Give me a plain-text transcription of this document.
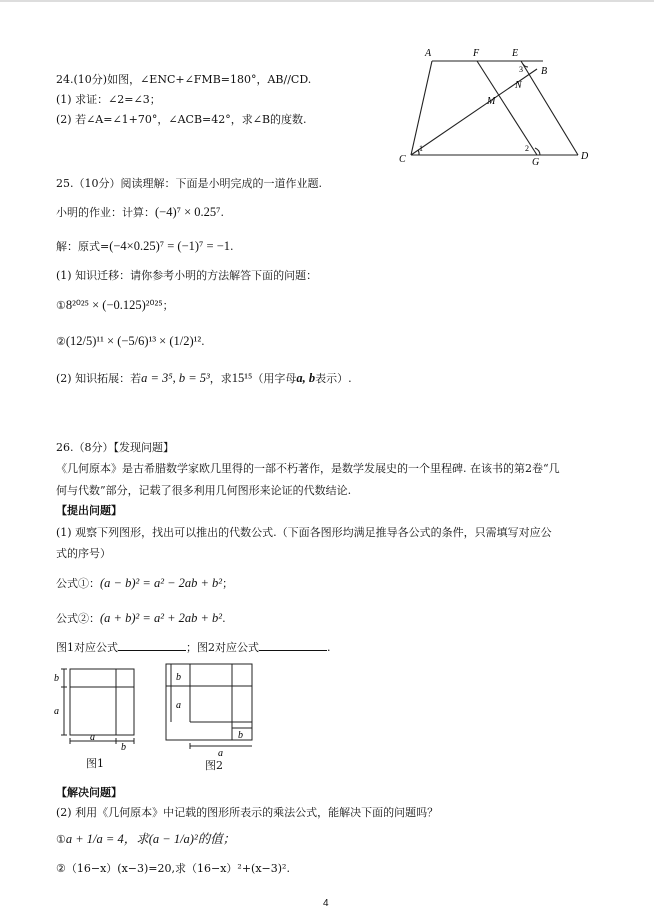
24.(10分)如图，∠ENC+∠FMB=180°，AB//CD.
(1) 求证：∠2=∠3；
(2) 若∠A=∠1+70°，∠ACB=42°，求∠B的度数.
A	F	E
B
3
N
M
C
1	2
G
D
25.（10分）阅读理解：下面是小明完成的一道作业题.
小明的作业：计算：(−4)⁷ × 0.25⁷.
解：原式=(−4×0.25)⁷ = (−1)⁷ = −1.
(1) 知识迁移：请你参考小明的方法解答下面的问题：
①8²⁰²⁵ × (−0.125)²⁰²⁵；
②(12/5)¹¹ × (−5/6)¹³ × (1/2)¹².
(2) 知识拓展：若a = 3⁵, b = 5³，求15¹⁵（用字母a, b表示）.
26.（8分）【发现问题】
《几何原本》是古希腊数学家欧几里得的一部不朽著作，是数学发展史的一个里程碑. 在该书的第2卷“几
何与代数”部分，记载了很多利用几何图形来论证的代数结论.
【提出问题】
(1) 观察下列图形，找出可以推出的代数公式.（下面各图形均满足推导各公式的条件，只需填写对应公
式的序号）
公式①：(a − b)² = a² − 2ab + b²；
公式②：(a + b)² = a² + 2ab + b².
图1对应公式	；图2对应公式	.
b
a
a
b
图1
b
a
b
a
图2
【解决问题】
(2) 利用《几何原本》中记载的图形所表示的乘法公式，能解决下面的问题吗？
①a + 1/a = 4，求(a − 1/a)²的值；
②（16−x）(x−3)=20,求（16−x）²+(x−3)².
4
